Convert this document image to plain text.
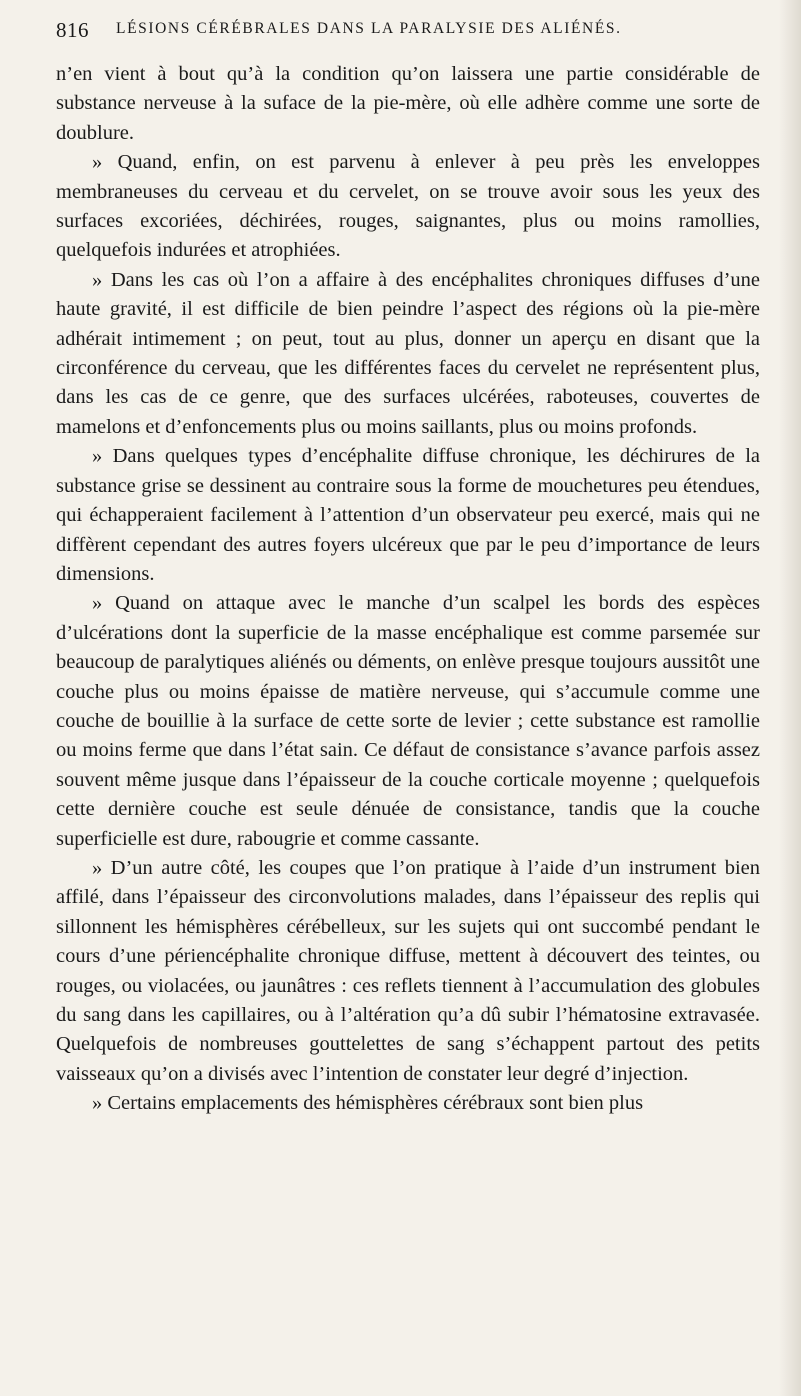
816 LÉSIONS CÉRÉBRALES DANS LA PARALYSIE DES ALIÉNÉS.

n’en vient à bout qu’à la condition qu’on laissera une partie considérable de substance nerveuse à la suface de la pie-mère, où elle adhère comme une sorte de doublure.

» Quand, enfin, on est parvenu à enlever à peu près les enveloppes membraneuses du cerveau et du cervelet, on se trouve avoir sous les yeux des surfaces excoriées, déchirées, rouges, saignantes, plus ou moins ramollies, quelquefois indurées et atrophiées.

» Dans les cas où l’on a affaire à des encéphalites chroniques diffuses d’une haute gravité, il est difficile de bien peindre l’aspect des régions où la pie-mère adhérait intimement ; on peut, tout au plus, donner un aperçu en disant que la circonférence du cerveau, que les différentes faces du cervelet ne représentent plus, dans les cas de ce genre, que des surfaces ulcérées, raboteuses, couvertes de mamelons et d’enfoncements plus ou moins saillants, plus ou moins profonds.

» Dans quelques types d’encéphalite diffuse chronique, les déchirures de la substance grise se dessinent au contraire sous la forme de mouchetures peu étendues, qui échapperaient facilement à l’attention d’un observateur peu exercé, mais qui ne diffèrent cependant des autres foyers ulcéreux que par le peu d’importance de leurs dimensions.

» Quand on attaque avec le manche d’un scalpel les bords des espèces d’ulcérations dont la superficie de la masse encéphalique est comme parsemée sur beaucoup de paralytiques aliénés ou déments, on enlève presque toujours aussitôt une couche plus ou moins épaisse de matière nerveuse, qui s’accumule comme une couche de bouillie à la surface de cette sorte de levier ; cette substance est ramollie ou moins ferme que dans l’état sain. Ce défaut de consistance s’avance parfois assez souvent même jusque dans l’épaisseur de la couche corticale moyenne ; quelquefois cette dernière couche est seule dénuée de consistance, tandis que la couche superficielle est dure, rabougrie et comme cassante.

» D’un autre côté, les coupes que l’on pratique à l’aide d’un instrument bien affilé, dans l’épaisseur des circonvolutions malades, dans l’épaisseur des replis qui sillonnent les hémisphères cérébelleux, sur les sujets qui ont succombé pendant le cours d’une périencéphalite chronique diffuse, mettent à découvert des teintes, ou rouges, ou violacées, ou jaunâtres : ces reflets tiennent à l’accumulation des globules du sang dans les capillaires, ou à l’altération qu’a dû subir l’hématosine extravasée. Quelquefois de nombreuses gouttelettes de sang s’échappent partout des petits vaisseaux qu’on a divisés avec l’intention de constater leur degré d’injection.

» Certains emplacements des hémisphères cérébraux sont bien plus
